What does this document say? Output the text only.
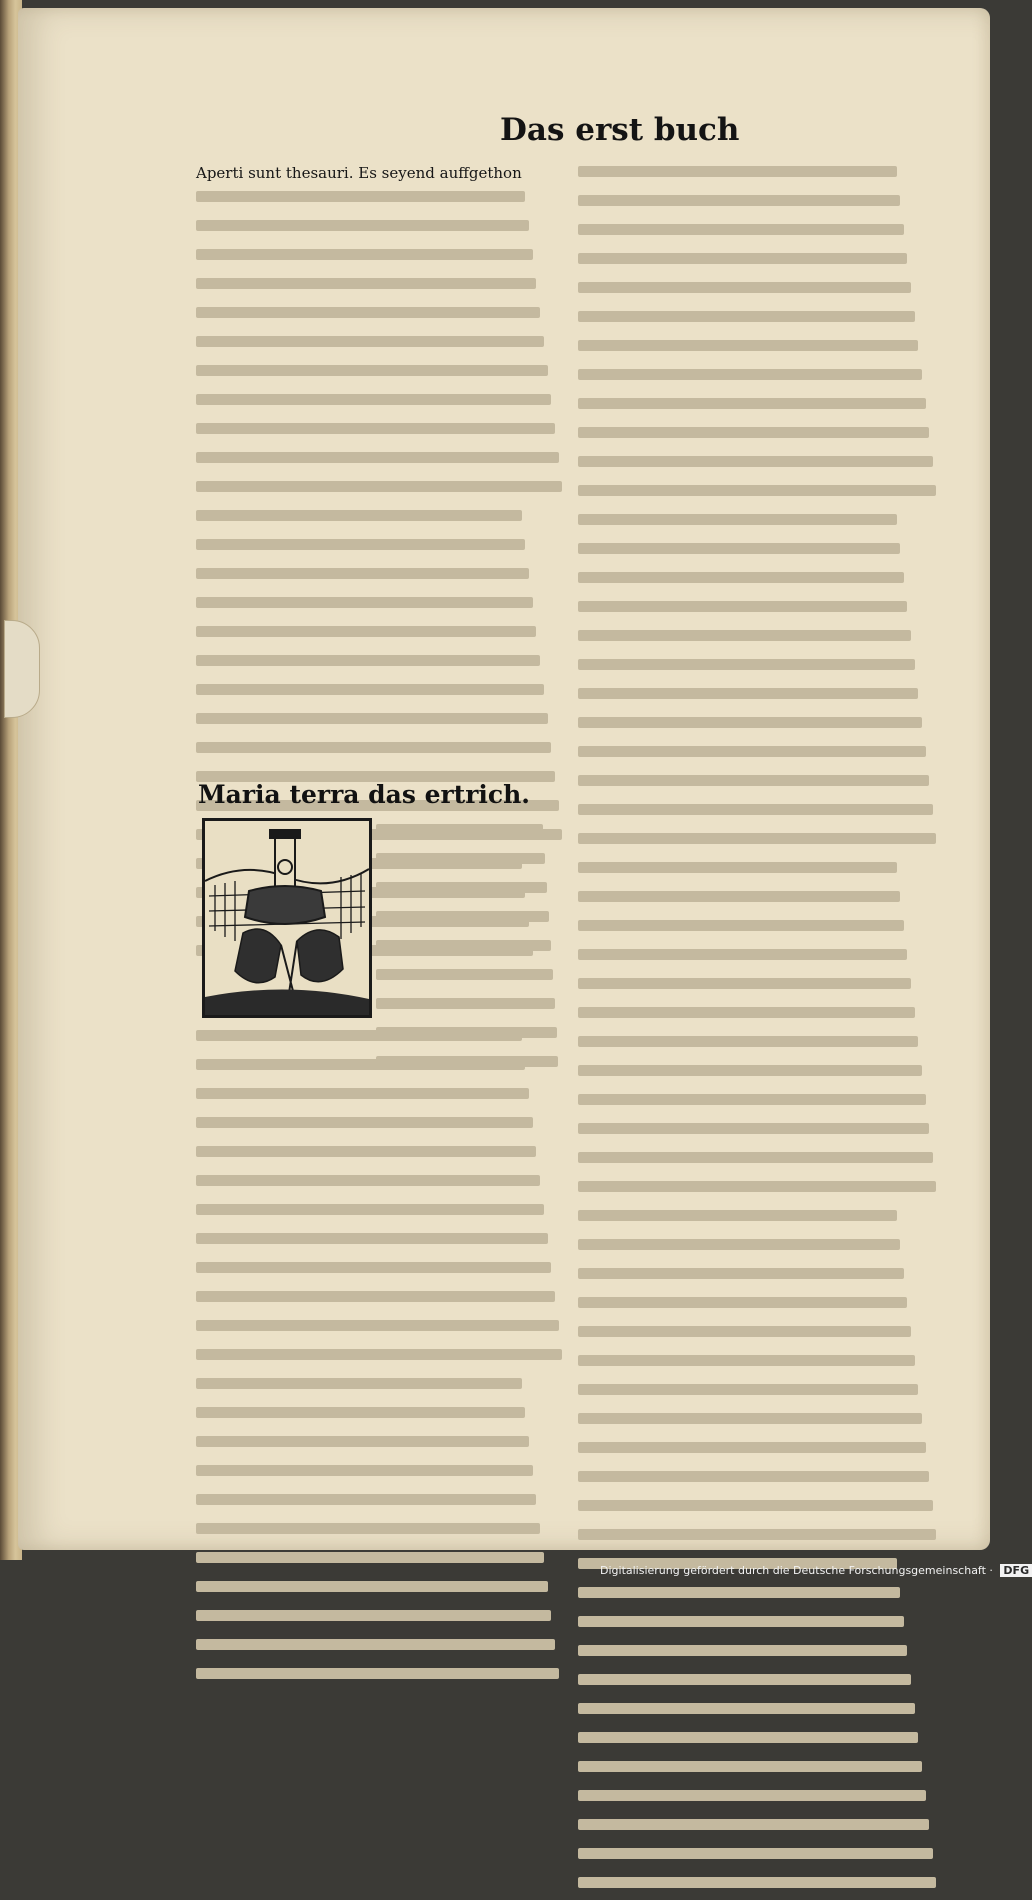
Das erst buch
Aperti sunt thesauri. Es seyend auffgethon
Maria terra das ertrich.
Digitalisierung gefördert durch die Deutsche Forschungsgemeinschaft · DFG
